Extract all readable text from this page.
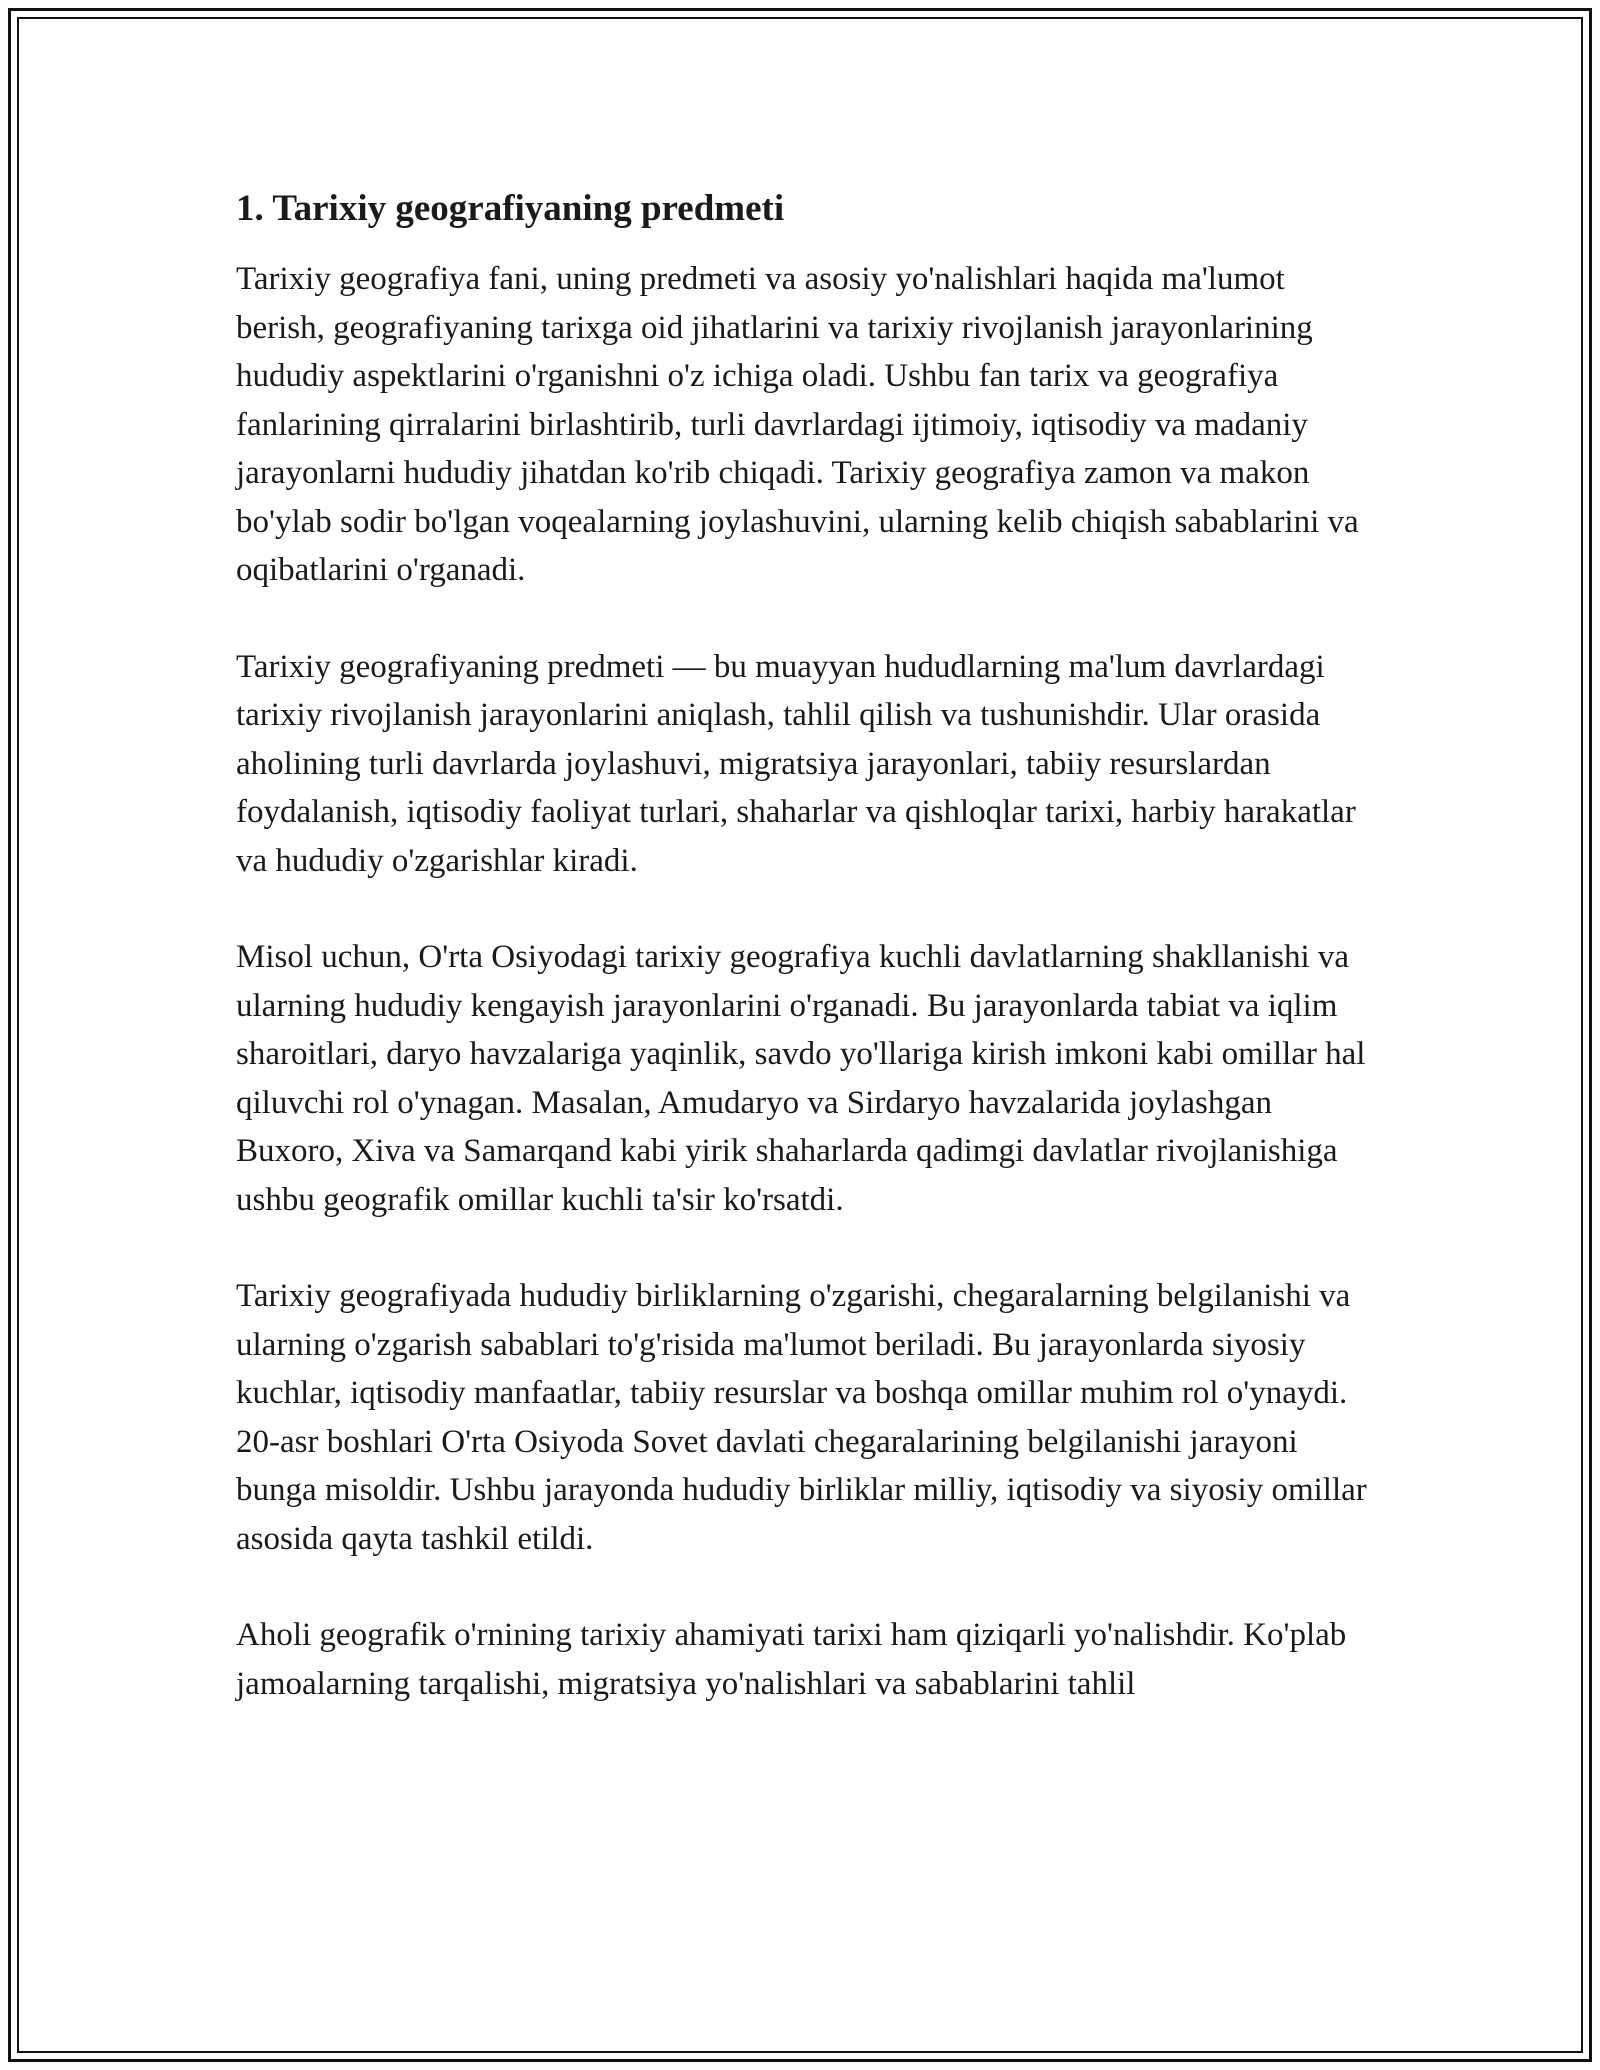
1. Tarixiy geografiyaning predmeti

Tarixiy geografiya fani, uning predmeti va asosiy yo'nalishlari haqida ma'lumot berish, geografiyaning tarixga oid jihatlarini va tarixiy rivojlanish jarayonlarining hududiy aspektlarini o'rganishni o'z ichiga oladi. Ushbu fan tarix va geografiya fanlarining qirralarini birlashtirib, turli davrlardagi ijtimoiy, iqtisodiy va madaniy jarayonlarni hududiy jihatdan ko'rib chiqadi. Tarixiy geografiya zamon va makon bo'ylab sodir bo'lgan voqealarning joylashuvini, ularning kelib chiqish sabablarini va oqibatlarini o'rganadi.

Tarixiy geografiyaning predmeti — bu muayyan hududlarning ma'lum davrlardagi tarixiy rivojlanish jarayonlarini aniqlash, tahlil qilish va tushunishdir. Ular orasida aholining turli davrlarda joylashuvi, migratsiya jarayonlari, tabiiy resurslardan foydalanish, iqtisodiy faoliyat turlari, shaharlar va qishloqlar tarixi, harbiy harakatlar va hududiy o'zgarishlar kiradi.

Misol uchun, O'rta Osiyodagi tarixiy geografiya kuchli davlatlarning shakllanishi va ularning hududiy kengayish jarayonlarini o'rganadi. Bu jarayonlarda tabiat va iqlim sharoitlari, daryo havzalariga yaqinlik, savdo yo'llariga kirish imkoni kabi omillar hal qiluvchi rol o'ynagan. Masalan, Amudaryo va Sirdaryo havzalarida joylashgan Buxoro, Xiva va Samarqand kabi yirik shaharlarda qadimgi davlatlar rivojlanishiga ushbu geografik omillar kuchli ta'sir ko'rsatdi.

Tarixiy geografiyada hududiy birliklarning o'zgarishi, chegaralarning belgilanishi va ularning o'zgarish sabablari to'g'risida ma'lumot beriladi. Bu jarayonlarda siyosiy kuchlar, iqtisodiy manfaatlar, tabiiy resurslar va boshqa omillar muhim rol o'ynaydi. 20-asr boshlari O'rta Osiyoda Sovet davlati chegaralarining belgilanishi jarayoni bunga misoldir. Ushbu jarayonda hududiy birliklar milliy, iqtisodiy va siyosiy omillar asosida qayta tashkil etildi.

Aholi geografik o'rnining tarixiy ahamiyati tarixi ham qiziqarli yo'nalishdir. Ko'plab jamoalarning tarqalishi, migratsiya yo'nalishlari va sabablarini tahlil
